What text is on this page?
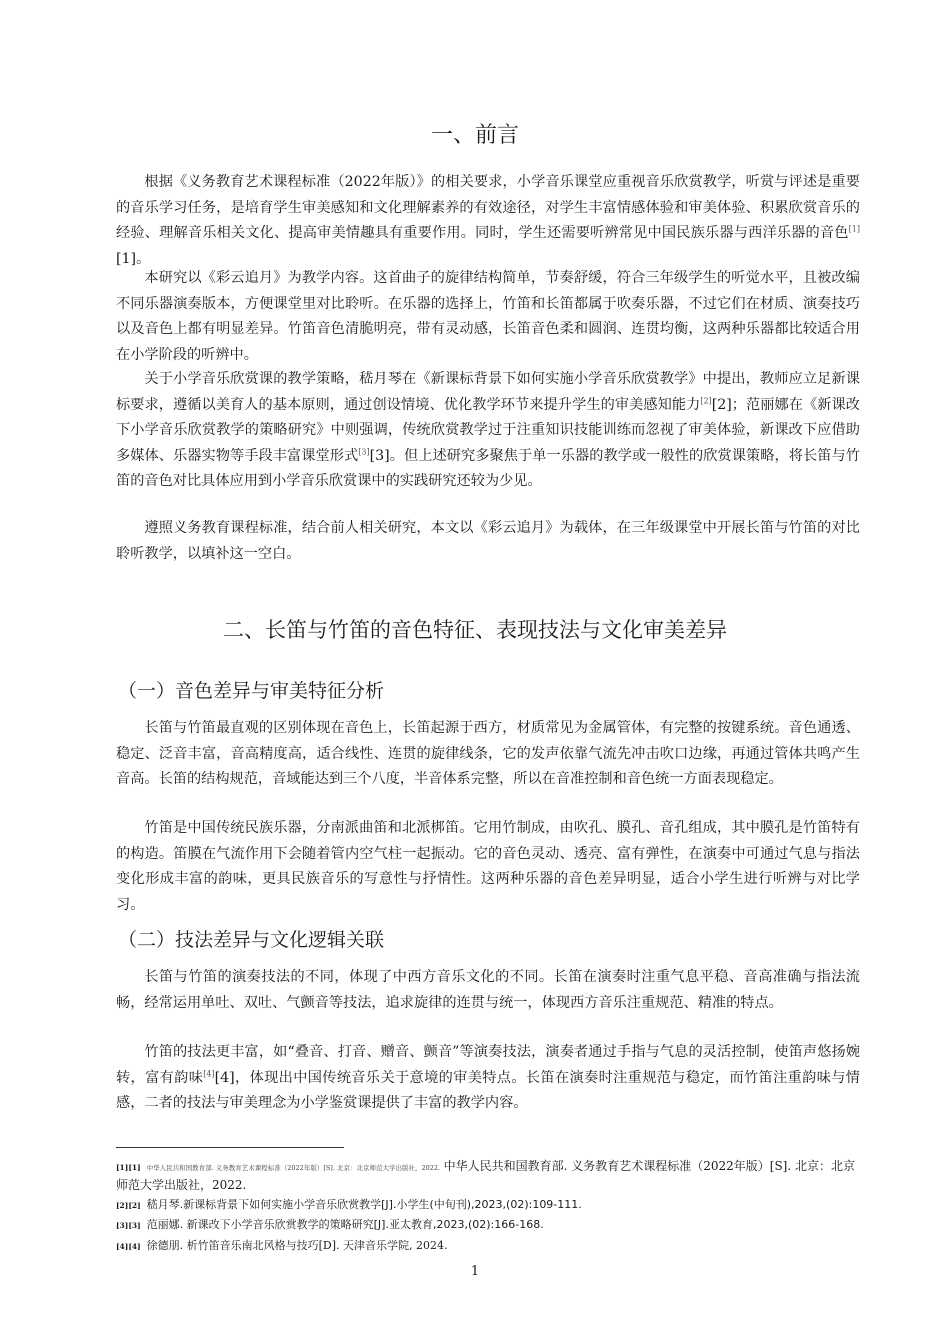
一、前言

根据《义务教育艺术课程标准（2022年版）》的相关要求，小学音乐课堂应重视音乐欣赏教学，听赏与评述是重要的音乐学习任务，是培育学生审美感知和文化理解素养的有效途径，对学生丰富情感体验和审美体验、积累欣赏音乐的经验、理解音乐相关文化、提高审美情趣具有重要作用。同时，学生还需要听辨常见中国民族乐器与西洋乐器的音色[1][1]。

本研究以《彩云追月》为教学内容。这首曲子的旋律结构简单，节奏舒缓，符合三年级学生的听觉水平，且被改编不同乐器演奏版本，方便课堂里对比聆听。在乐器的选择上，竹笛和长笛都属于吹奏乐器，不过它们在材质、演奏技巧以及音色上都有明显差异。竹笛音色清脆明亮，带有灵动感，长笛音色柔和圆润、连贯均衡，这两种乐器都比较适合用在小学阶段的听辨中。

关于小学音乐欣赏课的教学策略，嵇月琴在《新课标背景下如何实施小学音乐欣赏教学》中提出，教师应立足新课标要求，遵循以美育人的基本原则，通过创设情境、优化教学环节来提升学生的审美感知能力[2][2]；范丽娜在《新课改下小学音乐欣赏教学的策略研究》中则强调，传统欣赏教学过于注重知识技能训练而忽视了审美体验，新课改下应借助多媒体、乐器实物等手段丰富课堂形式[3][3]。但上述研究多聚焦于单一乐器的教学或一般性的欣赏课策略，将长笛与竹笛的音色对比具体应用到小学音乐欣赏课中的实践研究还较为少见。

遵照义务教育课程标准，结合前人相关研究，本文以《彩云追月》为载体，在三年级课堂中开展长笛与竹笛的对比聆听教学，以填补这一空白。

二、长笛与竹笛的音色特征、表现技法与文化审美差异
（一）音色差异与审美特征分析

长笛与竹笛最直观的区别体现在音色上，长笛起源于西方，材质常见为金属管体，有完整的按键系统。音色通透、稳定、泛音丰富，音高精度高，适合线性、连贯的旋律线条，它的发声依靠气流先冲击吹口边缘，再通过管体共鸣产生音高。长笛的结构规范，音域能达到三个八度，半音体系完整，所以在音准控制和音色统一方面表现稳定。

竹笛是中国传统民族乐器，分南派曲笛和北派梆笛。它用竹制成，由吹孔、膜孔、音孔组成，其中膜孔是竹笛特有的构造。笛膜在气流作用下会随着管内空气柱一起振动。它的音色灵动、透亮、富有弹性，在演奏中可通过气息与指法变化形成丰富的韵味，更具民族音乐的写意性与抒情性。这两种乐器的音色差异明显，适合小学生进行听辨与对比学习。

（二）技法差异与文化逻辑关联

长笛与竹笛的演奏技法的不同，体现了中西方音乐文化的不同。长笛在演奏时注重气息平稳、音高准确与指法流畅，经常运用单吐、双吐、气颤音等技法，追求旋律的连贯与统一，体现西方音乐注重规范、精准的特点。

竹笛的技法更丰富，如“叠音、打音、赠音、颤音”等演奏技法，演奏者通过手指与气息的灵活控制，使笛声悠扬婉转，富有韵味[4][4]，体现出中国传统音乐关于意境的审美特点。长笛在演奏时注重规范与稳定，而竹笛注重韵味与情感，二者的技法与审美理念为小学鉴赏课提供了丰富的教学内容。

[1][1] 中华人民共和国教育部. 义务教育艺术课程标准（2022年版）[S]. 北京：北京师范大学出版社，2022. 中华人民共和国教育部. 义务教育艺术课程标准（2022年版）[S]. 北京：北京师范大学出版社，2022.
[2][2] 嵇月琴.新课标背景下如何实施小学音乐欣赏教学[J].小学生(中旬刊),2023,(02):109-111.
[3][3] 范丽娜. 新课改下小学音乐欣赏教学的策略研究[J].亚太教育,2023,(02):166-168.
[4][4] 徐德朋. 析竹笛音乐南北风格与技巧[D]. 天津音乐学院, 2024.
1
